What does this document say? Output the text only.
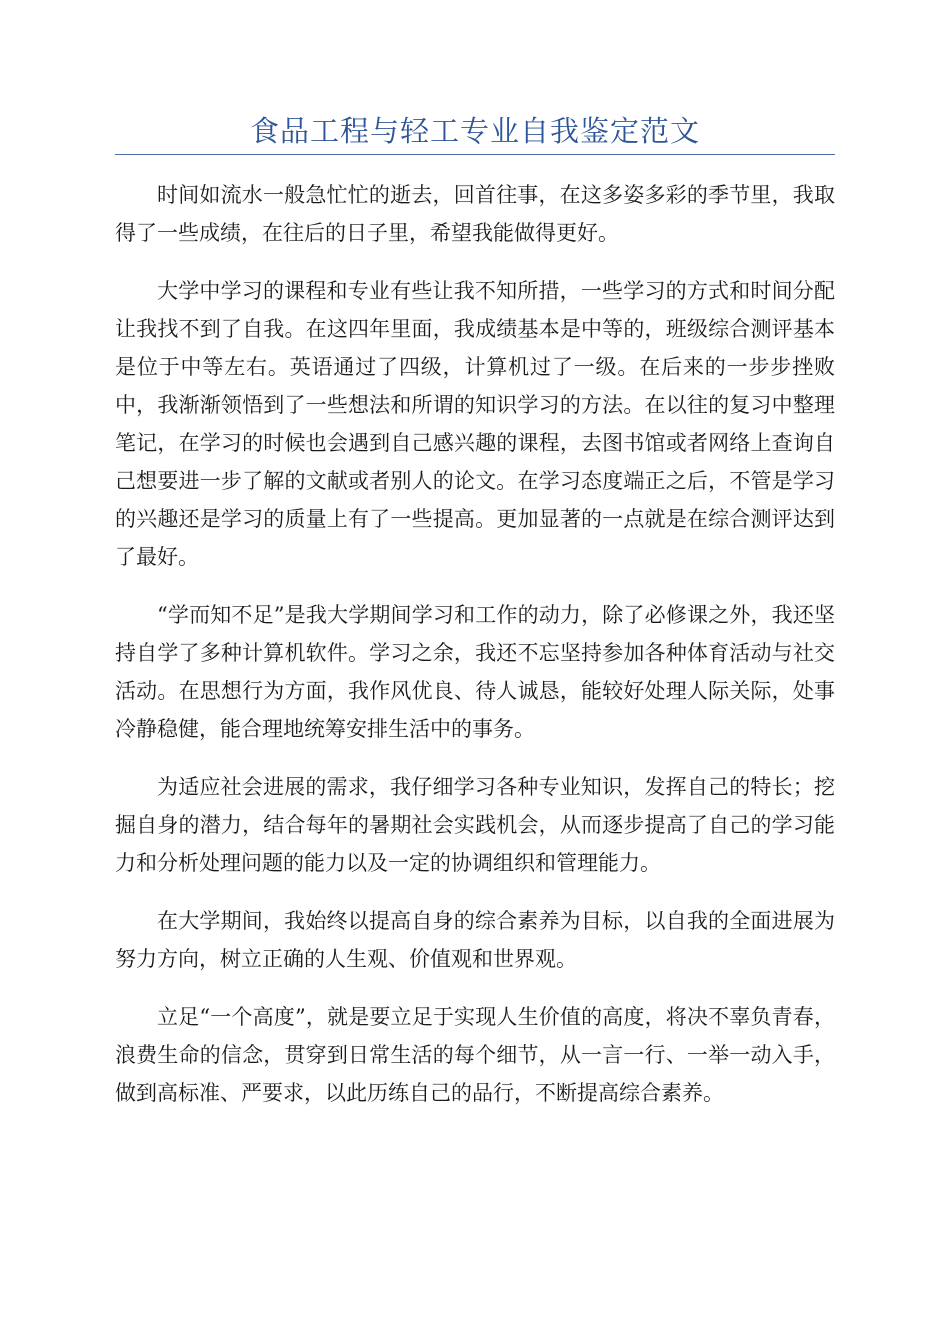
食品工程与轻工专业自我鉴定范文

时间如流水一般急忙忙的逝去，回首往事，在这多姿多彩的季节里，我取得了一些成绩，在往后的日子里，希望我能做得更好。

大学中学习的课程和专业有些让我不知所措，一些学习的方式和时间分配让我找不到了自我。在这四年里面，我成绩基本是中等的，班级综合测评基本是位于中等左右。英语通过了四级，计算机过了一级。在后来的一步步挫败中，我渐渐领悟到了一些想法和所谓的知识学习的方法。在以往的复习中整理笔记，在学习的时候也会遇到自己感兴趣的课程，去图书馆或者网络上查询自己想要进一步了解的文献或者别人的论文。在学习态度端正之后，不管是学习的兴趣还是学习的质量上有了一些提高。更加显著的一点就是在综合测评达到了最好。

“学而知不足”是我大学期间学习和工作的动力，除了必修课之外，我还坚持自学了多种计算机软件。学习之余，我还不忘坚持参加各种体育活动与社交活动。在思想行为方面，我作风优良、待人诚恳，能较好处理人际关际，处事冷静稳健，能合理地统筹安排生活中的事务。

为适应社会进展的需求，我仔细学习各种专业知识，发挥自己的特长；挖掘自身的潜力，结合每年的暑期社会实践机会，从而逐步提高了自己的学习能力和分析处理问题的能力以及一定的协调组织和管理能力。

在大学期间，我始终以提高自身的综合素养为目标，以自我的全面进展为努力方向，树立正确的人生观、价值观和世界观。

立足“一个高度”，就是要立足于实现人生价值的高度，将决不辜负青春，浪费生命的信念，贯穿到日常生活的每个细节，从一言一行、一举一动入手，做到高标准、严要求，以此历练自己的品行，不断提高综合素养。
